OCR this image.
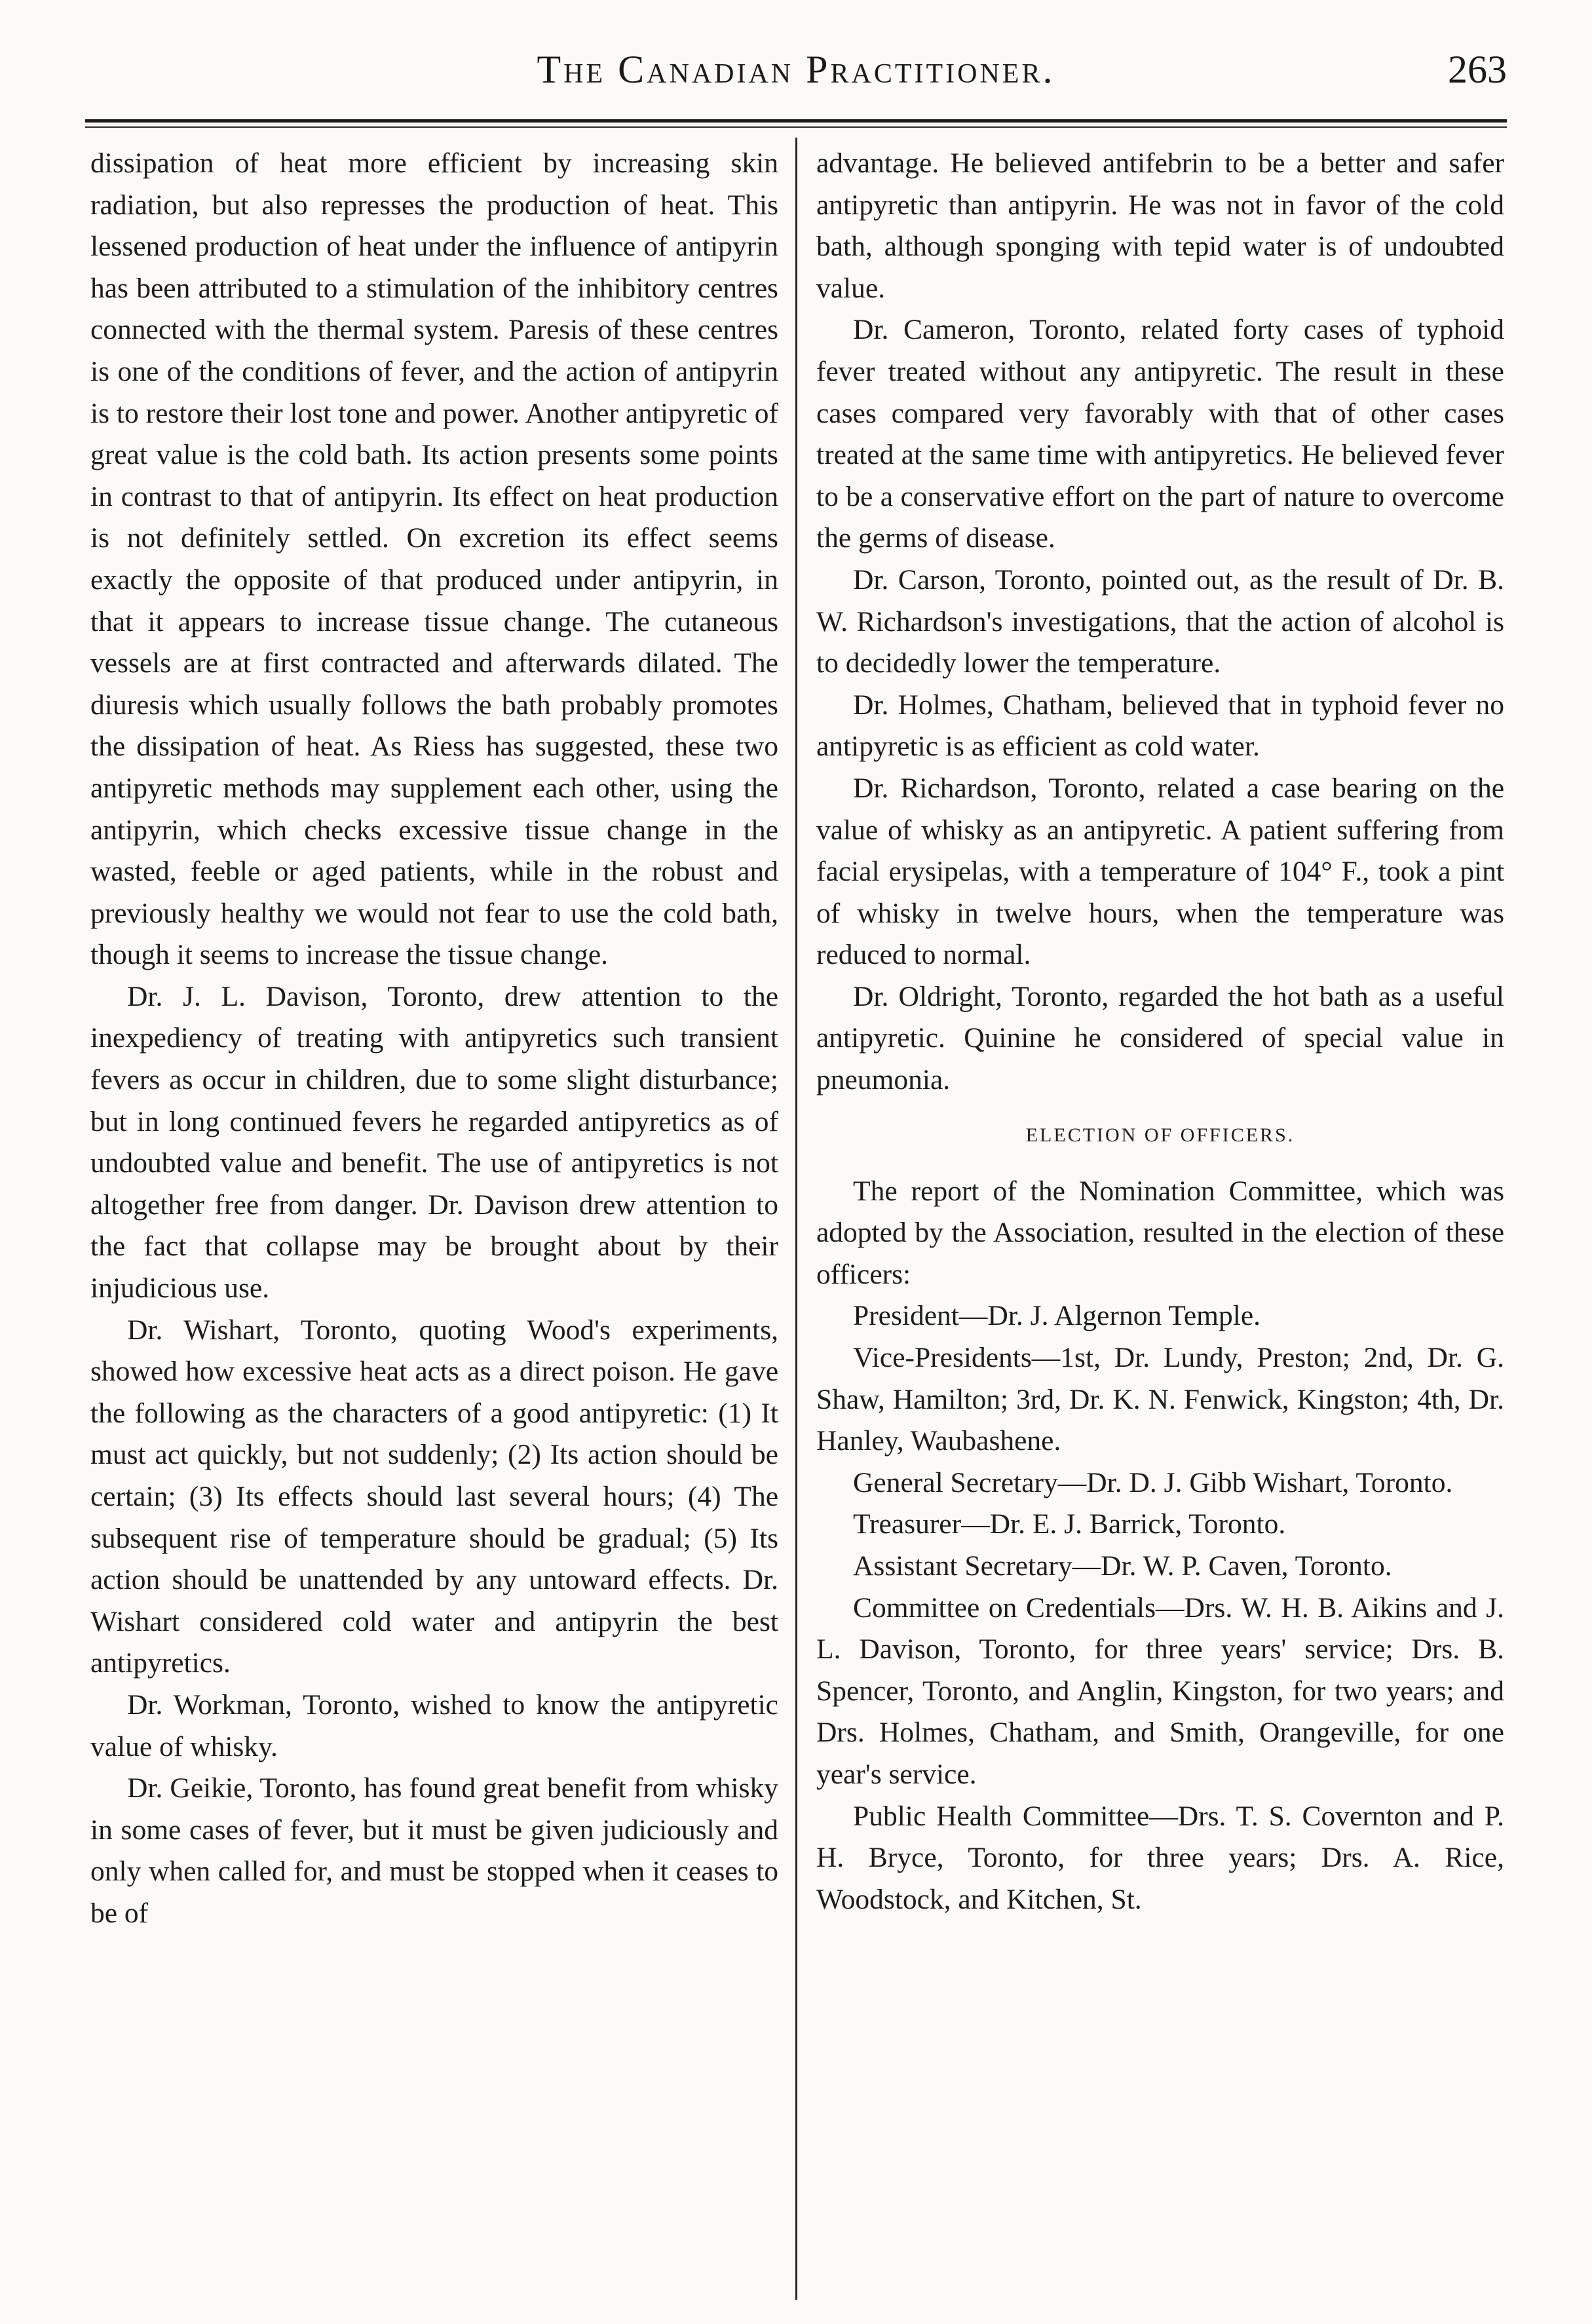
The Canadian Practitioner.	263

dissipation of heat more efficient by increasing skin radiation, but also represses the production of heat. This lessened production of heat under the influence of antipyrin has been attributed to a stimulation of the inhibitory centres connected with the thermal system. Paresis of these centres is one of the conditions of fever, and the action of antipyrin is to restore their lost tone and power. Another antipyretic of great value is the cold bath. Its action presents some points in contrast to that of antipyrin. Its effect on heat production is not definitely settled. On excretion its effect seems exactly the opposite of that produced under antipyrin, in that it appears to increase tissue change. The cutaneous vessels are at first contracted and afterwards dilated. The diuresis which usually follows the bath probably promotes the dissipation of heat. As Riess has suggested, these two antipyretic methods may supplement each other, using the antipyrin, which checks excessive tissue change in the wasted, feeble or aged patients, while in the robust and previously healthy we would not fear to use the cold bath, though it seems to increase the tissue change.

Dr. J. L. Davison, Toronto, drew attention to the inexpediency of treating with antipyretics such transient fevers as occur in children, due to some slight disturbance; but in long continued fevers he regarded antipyretics as of undoubted value and benefit. The use of antipyretics is not altogether free from danger. Dr. Davison drew attention to the fact that collapse may be brought about by their injudicious use.

Dr. Wishart, Toronto, quoting Wood's experiments, showed how excessive heat acts as a direct poison. He gave the following as the characters of a good antipyretic: (1) It must act quickly, but not suddenly; (2) Its action should be certain; (3) Its effects should last several hours; (4) The subsequent rise of temperature should be gradual; (5) Its action should be unattended by any untoward effects. Dr. Wishart considered cold water and antipyrin the best antipyretics.

Dr. Workman, Toronto, wished to know the antipyretic value of whisky.

Dr. Geikie, Toronto, has found great benefit from whisky in some cases of fever, but it must be given judiciously and only when called for, and must be stopped when it ceases to be of

advantage. He believed antifebrin to be a better and safer antipyretic than antipyrin. He was not in favor of the cold bath, although sponging with tepid water is of undoubted value.

Dr. Cameron, Toronto, related forty cases of typhoid fever treated without any antipyretic. The result in these cases compared very favorably with that of other cases treated at the same time with antipyretics. He believed fever to be a conservative effort on the part of nature to overcome the germs of disease.

Dr. Carson, Toronto, pointed out, as the result of Dr. B. W. Richardson's investigations, that the action of alcohol is to decidedly lower the temperature.

Dr. Holmes, Chatham, believed that in typhoid fever no antipyretic is as efficient as cold water.

Dr. Richardson, Toronto, related a case bearing on the value of whisky as an antipyretic. A patient suffering from facial erysipelas, with a temperature of 104° F., took a pint of whisky in twelve hours, when the temperature was reduced to normal.

Dr. Oldright, Toronto, regarded the hot bath as a useful antipyretic. Quinine he considered of special value in pneumonia.

ELECTION OF OFFICERS.

The report of the Nomination Committee, which was adopted by the Association, resulted in the election of these officers:

President—Dr. J. Algernon Temple.

Vice-Presidents—1st, Dr. Lundy, Preston; 2nd, Dr. G. Shaw, Hamilton; 3rd, Dr. K. N. Fenwick, Kingston; 4th, Dr. Hanley, Waubashene.

General Secretary—Dr. D. J. Gibb Wishart, Toronto.

Treasurer—Dr. E. J. Barrick, Toronto.

Assistant Secretary—Dr. W. P. Caven, Toronto.

Committee on Credentials—Drs. W. H. B. Aikins and J. L. Davison, Toronto, for three years' service; Drs. B. Spencer, Toronto, and Anglin, Kingston, for two years; and Drs. Holmes, Chatham, and Smith, Orangeville, for one year's service.

Public Health Committee—Drs. T. S. Covernton and P. H. Bryce, Toronto, for three years; Drs. A. Rice, Woodstock, and Kitchen, St.
